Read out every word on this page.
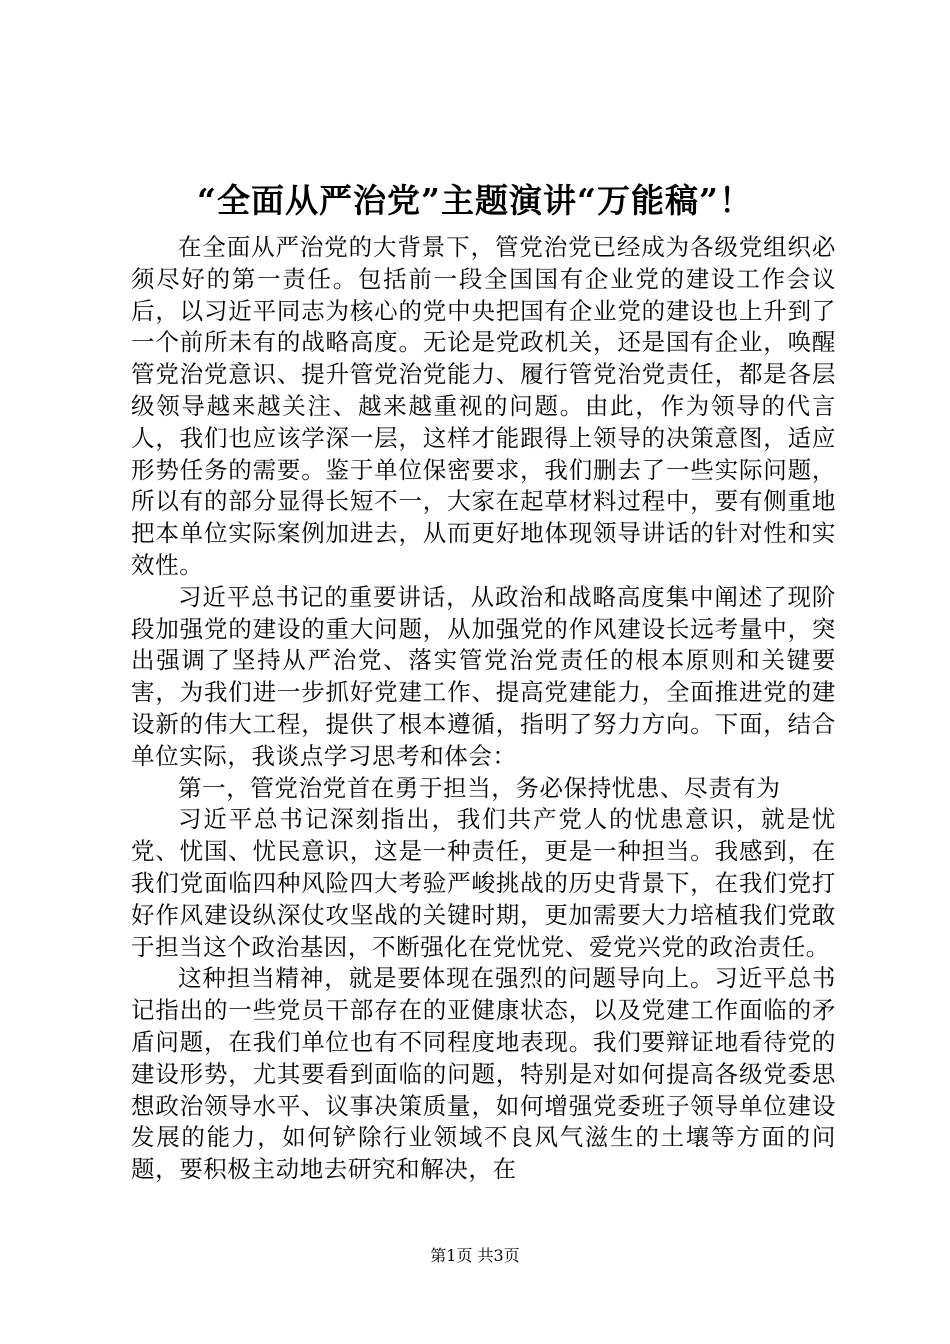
“全面从严治党”主题演讲“万能稿”！

在全面从严治党的大背景下，管党治党已经成为各级党组织必须尽好的第一责任。包括前一段全国国有企业党的建设工作会议后，以习近平同志为核心的党中央把国有企业党的建设也上升到了一个前所未有的战略高度。无论是党政机关，还是国有企业，唤醒管党治党意识、提升管党治党能力、履行管党治党责任，都是各层级领导越来越关注、越来越重视的问题。由此，作为领导的代言人，我们也应该学深一层，这样才能跟得上领导的决策意图，适应形势任务的需要。鉴于单位保密要求，我们删去了一些实际问题，所以有的部分显得长短不一，大家在起草材料过程中，要有侧重地把本单位实际案例加进去，从而更好地体现领导讲话的针对性和实效性。

习近平总书记的重要讲话，从政治和战略高度集中阐述了现阶段加强党的建设的重大问题，从加强党的作风建设长远考量中，突出强调了坚持从严治党、落实管党治党责任的根本原则和关键要害，为我们进一步抓好党建工作、提高党建能力，全面推进党的建设新的伟大工程，提供了根本遵循，指明了努力方向。下面，结合单位实际，我谈点学习思考和体会：

第一，管党治党首在勇于担当，务必保持忧患、尽责有为

习近平总书记深刻指出，我们共产党人的忧患意识，就是忧党、忧国、忧民意识，这是一种责任，更是一种担当。我感到，在我们党面临四种风险四大考验严峻挑战的历史背景下，在我们党打好作风建设纵深仗攻坚战的关键时期，更加需要大力培植我们党敢于担当这个政治基因，不断强化在党忧党、爱党兴党的政治责任。

这种担当精神，就是要体现在强烈的问题导向上。习近平总书记指出的一些党员干部存在的亚健康状态，以及党建工作面临的矛盾问题，在我们单位也有不同程度地表现。我们要辩证地看待党的建设形势，尤其要看到面临的问题，特别是对如何提高各级党委思想政治领导水平、议事决策质量，如何增强党委班子领导单位建设发展的能力，如何铲除行业领域不良风气滋生的土壤等方面的问题，要积极主动地去研究和解决，在

第1页 共3页
